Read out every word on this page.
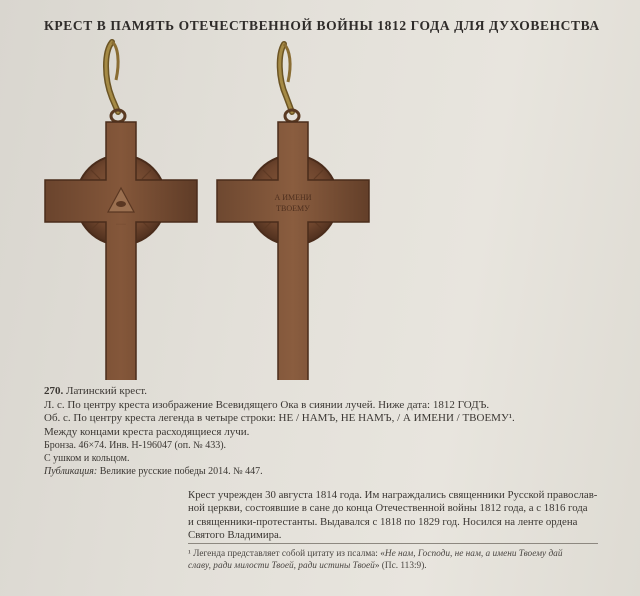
КРЕСТ В ПАМЯТЬ ОТЕЧЕСТВЕННОЙ ВОЙНЫ 1812 ГОДА ДЛЯ ДУХОВЕНСТВА
·····
А ИМЕНИ
ТВОЕМУ

270. Латинский крест.

Л. с. По центру креста изображение Всевидящего Ока в сиянии лучей. Ниже дата: 1812 ГОДЪ.

Об. с. По центру креста легенда в четыре строки: НЕ / НАМЪ, НЕ НАМЪ, / А ИМЕНИ / ТВОЕМУ¹.

Между концами креста расходящиеся лучи.

Бронза. 46×74. Инв. Н-196047 (оп. № 433).

С ушком и кольцом.

Публикация: Великие русские победы 2014. № 447.

Крест учрежден 30 августа 1814 года. Им награждались священники Русской православ-

ной церкви, состоявшие в сане до конца Отечественной войны 1812 года, а с 1816 года

и священники-протестанты. Выдавался с 1818 по 1829 год. Носился на ленте ордена

Святого Владимира.

¹ Легенда представляет собой цитату из псалма: «Не нам, Господи, не нам, а имени Твоему дай

славу, ради милости Твоей, ради истины Твоей» (Пс. 113:9).
